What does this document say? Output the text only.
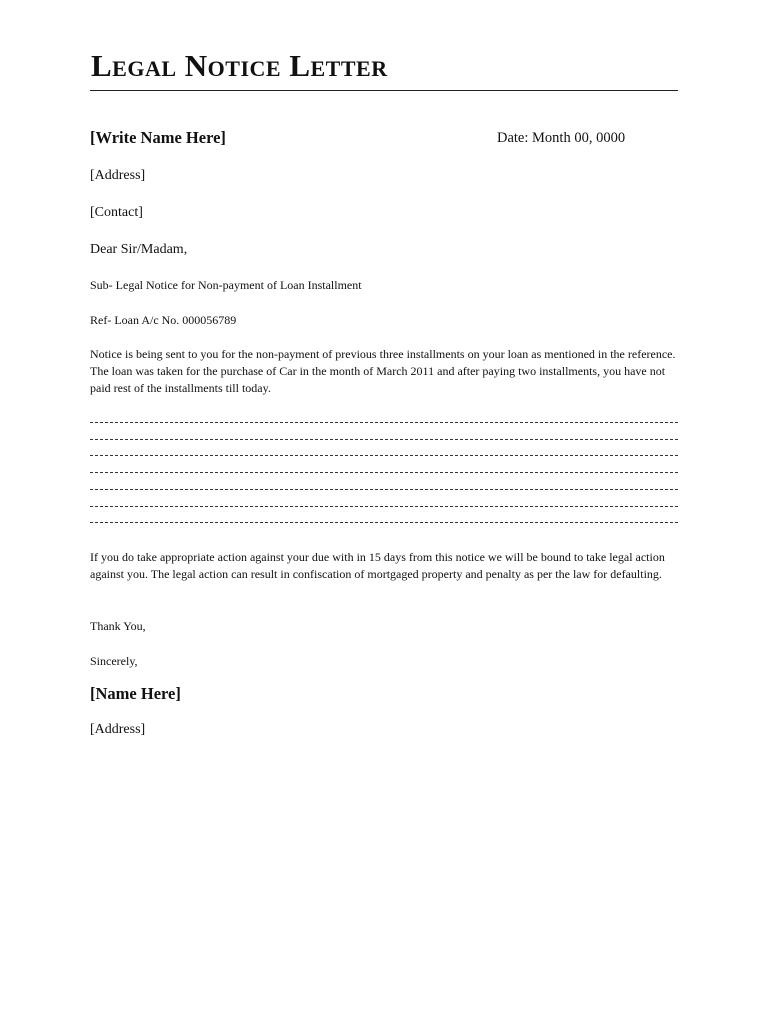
Legal Notice Letter
[Write Name Here]	Date: Month 00, 0000
[Address]
[Contact]
Dear Sir/Madam,
Sub- Legal Notice for Non-payment of Loan Installment
Ref- Loan A/c No. 000056789
Notice is being sent to you for the non-payment of previous three installments on your loan as mentioned in the reference. The loan was taken for the purchase of Car in the month of March 2011 and after paying two installments, you have not paid rest of the installments till today.
If you do take appropriate action against your due with in 15 days from this notice we will be bound to take legal action against you. The legal action can result in confiscation of mortgaged property and penalty as per the law for defaulting.
Thank You,
Sincerely,
[Name Here]
[Address]
